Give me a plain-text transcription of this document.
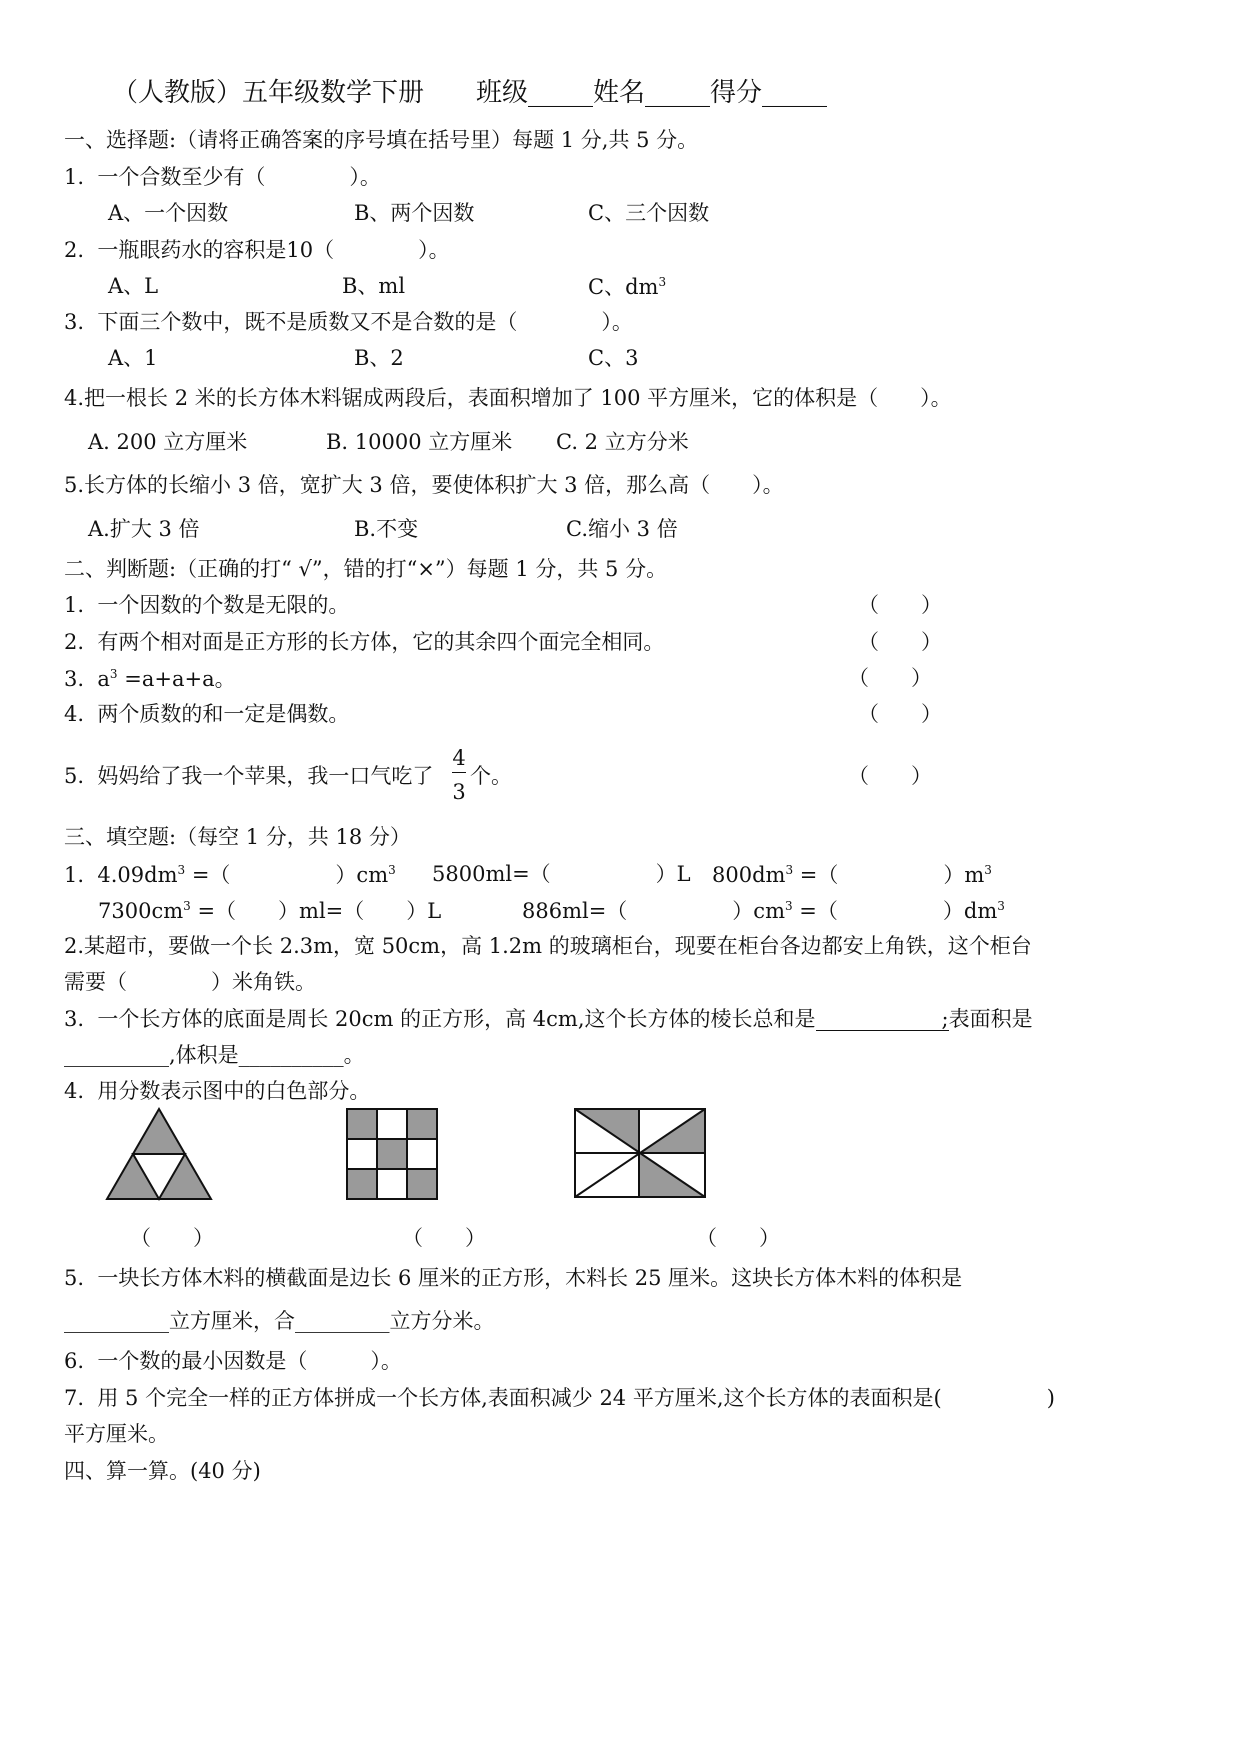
（人教版）五年级数学下册　　班级_____姓名_____得分_____
一、选择题:（请将正确答案的序号填在括号里）每题 1 分,共 5 分。
1.  一个合数至少有（　　　　）。
A、一个因数	B、两个因数	C、三个因数
2.  一瓶眼药水的容积是10（　　　　）。
A、L	B、ml	C、$dm^3$
3.  下面三个数中，既不是质数又不是合数的是（　　　　）。
A、1	B、2	C、3
4.把一根长 2 米的长方体木料锯成两段后，表面积增加了 100 平方厘米，它的体积是（　　）。
A. 200 立方厘米	B. 10000 立方厘米 C. 2 立方分米
5.长方体的长缩小 3 倍，宽扩大 3 倍，要使体积扩大 3 倍，那么高（　　）。
A.扩大 3 倍	B.不变	C.缩小 3 倍
二、判断题:（正确的打“ √”，错的打“×”）每题 1 分，共 5 分。
1.  一个因数的个数是无限的。	（　　）
2.  有两个相对面是正方形的长方体，它的其余四个面完全相同。	（　　）
3.  $a^3 =a+a+a$。	（　　）
4.  两个质数的和一定是偶数。	（　　）
5.  妈妈给了我一个苹果，我一口气吃了
4
3
个。	（　　）
三、填空题:（每空 1 分，共 18 分）
1.  $4.09dm^3$ =（　　　　　）$cm^3$ 5800ml=（　　　　　）L $800dm^3$ =（　　　　　）$m^3$
$7300cm^3$ =（　　）ml=（　　）L	886ml=（　　　　　）$cm^3$ =（　　　　　）$dm^3$
2.某超市，要做一个长 2.3m，宽 50cm，高 1.2m 的玻璃柜台，现要在柜台各边都安上角铁，这个柜台
需要（　　　　）米角铁。
3.  一个长方体的底面是周长 20cm 的正方形，高 4cm,这个长方体的棱长总和是　　　　　　;表面积是
__________,体积是__________。
4.  用分数表示图中的白色部分。
（　　）	（　　）	（　　）
5.  一块长方体木料的横截面是边长 6 厘米的正方形，木料长 25 厘米。这块长方体木料的体积是
__________立方厘米，合_________立方分米。
6.  一个数的最小因数是（　　　）。
7.  用 5 个完全一样的正方体拼成一个长方体,表面积减少 24 平方厘米,这个长方体的表面积是(　　　　　)
平方厘米。
四、算一算。(40 分)
